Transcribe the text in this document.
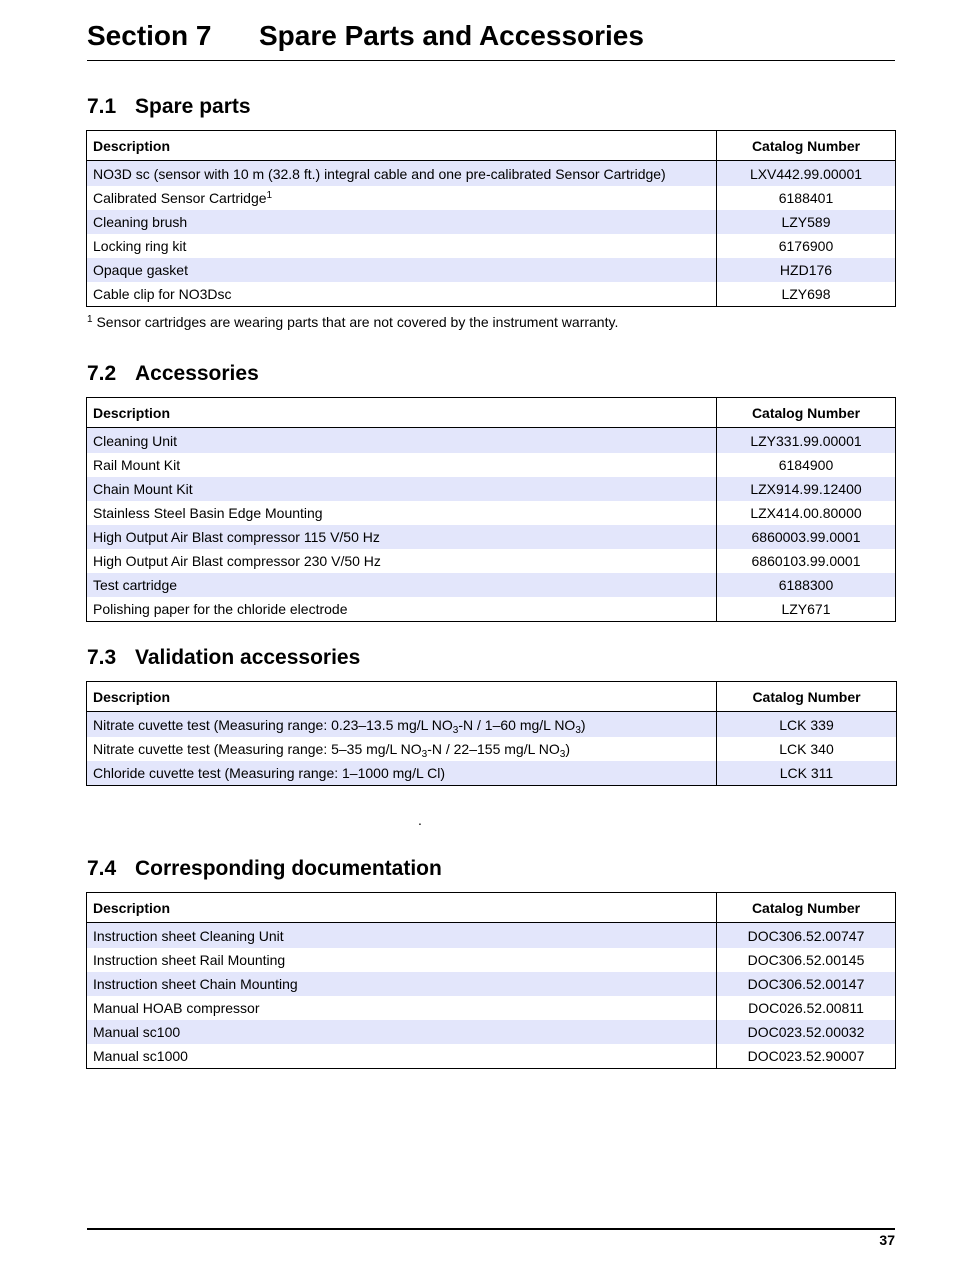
Section 7 Spare Parts and Accessories
7.1 Spare parts
Description	Catalog Number
NO3D sc (sensor with 10 m (32.8 ft.) integral cable and one pre-calibrated Sensor Cartridge)	LXV442.99.00001
Calibrated Sensor Cartridge$^1$	6188401
Cleaning brush	LZY589
Locking ring kit	6176900
Opaque gasket	HZD176
Cable clip for NO3Dsc	LZY698
$^1$ Sensor cartridges are wearing parts that are not covered by the instrument warranty.
7.2 Accessories
Description	Catalog Number
Cleaning Unit	LZY331.99.00001
Rail Mount Kit	6184900
Chain Mount Kit	LZX914.99.12400
Stainless Steel Basin Edge Mounting	LZX414.00.80000
High Output Air Blast compressor 115 V/50 Hz	6860003.99.0001
High Output Air Blast compressor 230 V/50 Hz	6860103.99.0001
Test cartridge	6188300
Polishing paper for the chloride electrode	LZY671
7.3 Validation accessories
Description	Catalog Number
Nitrate cuvette test (Measuring range: 0.23–13.5 mg/L $NO_3-N / 1-60$ mg/L $NO_3$)	LCK 339
Nitrate cuvette test (Measuring range: 5–35 mg/L $NO_3-N / 22-155$ mg/L $NO_3$)	LCK 340
Chloride cuvette test (Measuring range: 1–1000 mg/L Cl)	LCK 311
.
7.4 Corresponding documentation
Description	Catalog Number
Instruction sheet Cleaning Unit	DOC306.52.00747
Instruction sheet Rail Mounting	DOC306.52.00145
Instruction sheet Chain Mounting	DOC306.52.00147
Manual HOAB compressor	DOC026.52.00811
Manual sc100	DOC023.52.00032
Manual sc1000	DOC023.52.90007
37
